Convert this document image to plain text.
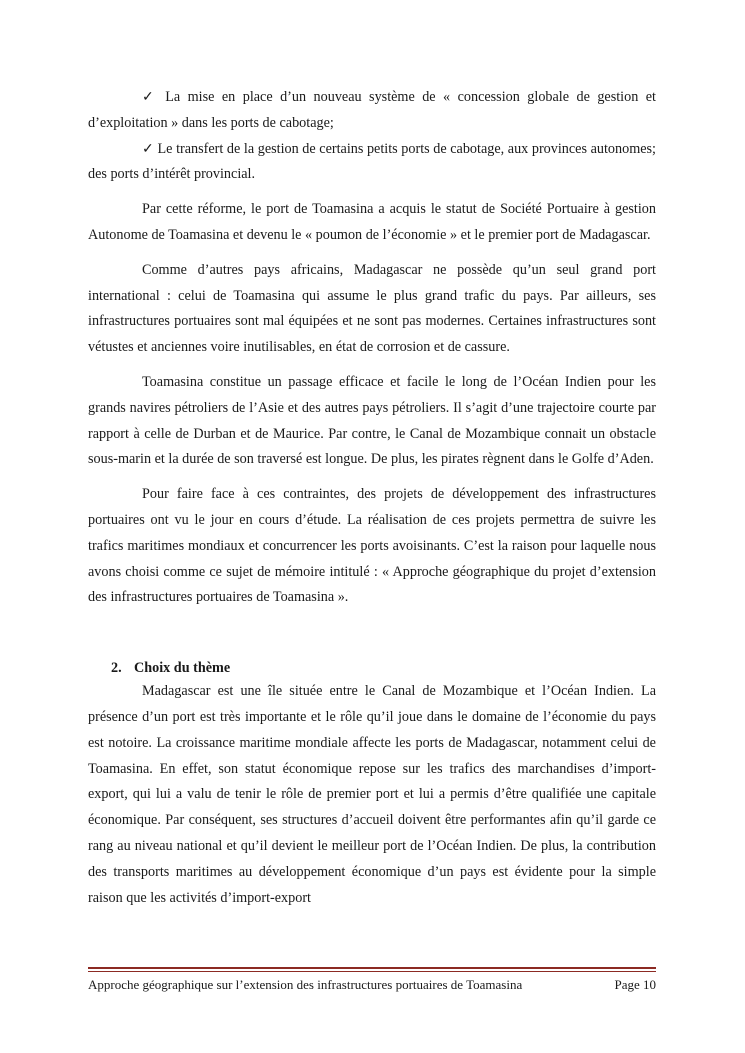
✓ La mise en place d’un nouveau système de « concession globale de gestion et d’exploitation » dans les ports de cabotage;

✓ Le transfert de la gestion de certains petits ports de cabotage, aux provinces autonomes; des ports d’intérêt provincial.

Par cette réforme, le port de Toamasina a acquis le statut de Société Portuaire à gestion Autonome de Toamasina et devenu le « poumon de l’économie » et le premier port de Madagascar.

Comme d’autres pays africains, Madagascar ne possède qu’un seul grand port international : celui de Toamasina qui assume le plus grand trafic du pays. Par ailleurs, ses infrastructures portuaires sont mal équipées et ne sont pas modernes. Certaines infrastructures sont vétustes et anciennes voire inutilisables, en état de corrosion et de cassure.

Toamasina constitue un passage efficace et facile le long de l’Océan Indien pour les grands navires pétroliers de l’Asie et des autres pays pétroliers. Il s’agit d’une trajectoire courte par rapport à celle de Durban et de Maurice. Par contre, le Canal de Mozambique connait un obstacle sous-marin et la durée de son traversé est longue. De plus, les pirates règnent dans le Golfe d’Aden.

Pour faire face à ces contraintes, des projets de développement des infrastructures portuaires ont vu le jour en cours d’étude. La réalisation de ces projets permettra de suivre les trafics maritimes mondiaux et concurrencer les ports avoisinants. C’est la raison pour laquelle nous avons choisi comme ce sujet de mémoire intitulé : « Approche géographique du projet d’extension des infrastructures portuaires de Toamasina ».

2. Choix du thème

Madagascar est une île située entre le Canal de Mozambique et l’Océan Indien. La présence d’un port est très importante et le rôle qu’il joue dans le domaine de l’économie du pays est notoire. La croissance maritime mondiale affecte les ports de Madagascar, notamment celui de Toamasina. En effet, son statut économique repose sur les trafics des marchandises d’import-export, qui lui a valu de tenir le rôle de premier port et lui a permis d’être qualifiée une capitale économique. Par conséquent, ses structures d’accueil doivent être performantes afin qu’il garde ce rang au niveau national et qu’il devient le meilleur port de l’Océan Indien. De plus, la contribution des transports maritimes au développement économique d’un pays est évidente pour la simple raison que les activités d’import-export

Approche géographique sur l’extension des infrastructures portuaires de Toamasina	Page 10
